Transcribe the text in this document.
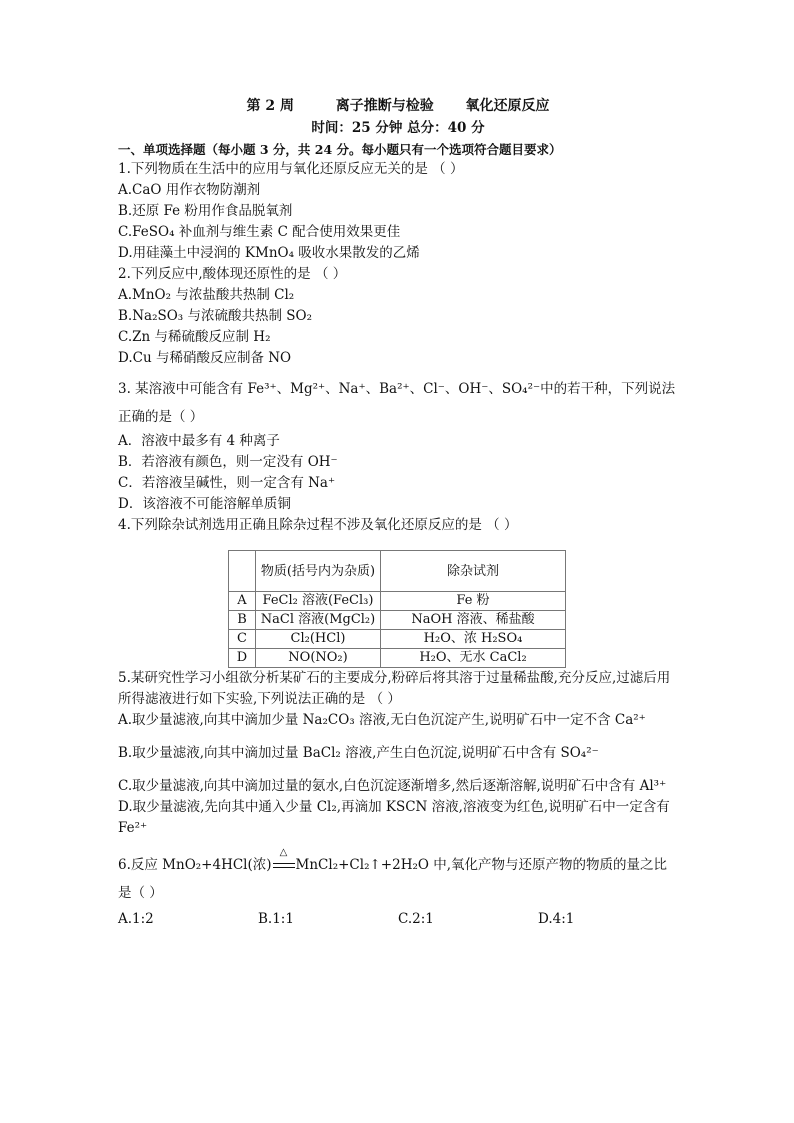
第 2 周	离子推断与检验 氧化还原反应
时间：25 分钟 总分：40 分
一、单项选择题（每小题 3 分，共 24 分。每小题只有一个选项符合题目要求）
1.下列物质在生活中的应用与氧化还原反应无关的是 （ ）
A.CaO 用作衣物防潮剂
B.还原 Fe 粉用作食品脱氧剂
C.FeSO₄ 补血剂与维生素 C 配合使用效果更佳
D.用硅藻土中浸润的 KMnO₄ 吸收水果散发的乙烯
2.下列反应中,酸体现还原性的是 （ ）
A.MnO₂ 与浓盐酸共热制 Cl₂
B.Na₂SO₃ 与浓硫酸共热制 SO₂
C.Zn 与稀硫酸反应制 H₂
D.Cu 与稀硝酸反应制备 NO
3. 某溶液中可能含有 Fe³⁺、Mg²⁺、Na⁺、Ba²⁺、Cl⁻、OH⁻、SO₄²⁻中的若干种，下列说法正确的是（ ）
A．溶液中最多有 4 种离子
B．若溶液有颜色，则一定没有 OH⁻
C．若溶液呈碱性，则一定含有 Na⁺
D．该溶液不可能溶解单质铜
4.下列除杂试剂选用正确且除杂过程不涉及氧化还原反应的是 （ ）
	物质(括号内为杂质)	除杂试剂
A	FeCl₂ 溶液(FeCl₃)	Fe 粉
B	NaCl 溶液(MgCl₂)	NaOH 溶液、稀盐酸
C	Cl₂(HCl)	H₂O、浓 H₂SO₄
D	NO(NO₂)	H₂O、无水 CaCl₂
5.某研究性学习小组欲分析某矿石的主要成分,粉碎后将其溶于过量稀盐酸,充分反应,过滤后用所得滤液进行如下实验,下列说法正确的是 （ ）
A.取少量滤液,向其中滴加少量 Na₂CO₃ 溶液,无白色沉淀产生,说明矿石中一定不含 Ca²⁺
B.取少量滤液,向其中滴加过量 BaCl₂ 溶液,产生白色沉淀,说明矿石中含有 SO₄²⁻
C.取少量滤液,向其中滴加过量的氨水,白色沉淀逐渐增多,然后逐渐溶解,说明矿石中含有 Al³⁺
D.取少量滤液,先向其中通入少量 Cl₂,再滴加 KSCN 溶液,溶液变为红色,说明矿石中一定含有 Fe²⁺
6.反应 MnO₂+4HCl(浓)
△
MnCl₂+Cl₂↑+2H₂O 中,氧化产物与还原产物的物质的量之比是（ ）
A.1:2	B.1:1	C.2:1	D.4:1
